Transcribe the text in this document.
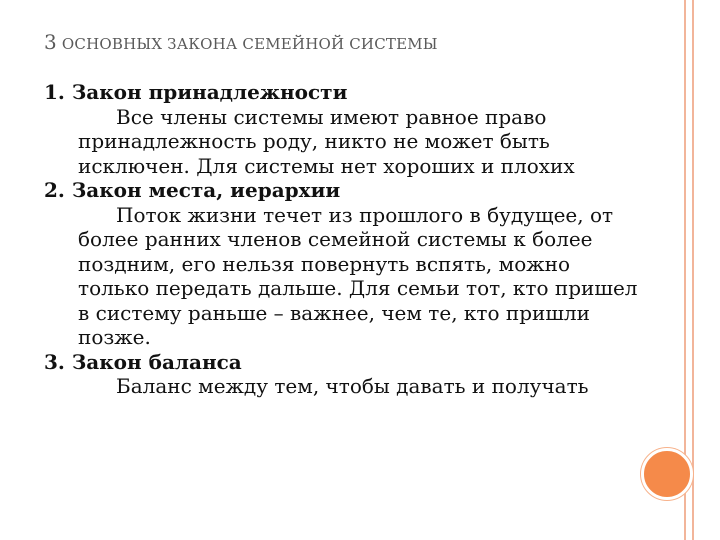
3 ОСНОВНЫХ ЗАКОНА СЕМЕЙНОЙ СИСТЕМЫ
1. Закон принадлежности
Все члены системы имеют равное право принадлежность роду, никто не может быть исключен. Для системы нет хороших и плохих
2. Закон места, иерархии
Поток жизни течет из прошлого в будущее, от более ранних членов семейной системы к более поздним, его нельзя повернуть вспять, можно только передать дальше. Для семьи тот, кто пришел в систему раньше – важнее, чем те, кто пришли позже.
3. Закон баланса
Баланс между тем, чтобы давать и получать
